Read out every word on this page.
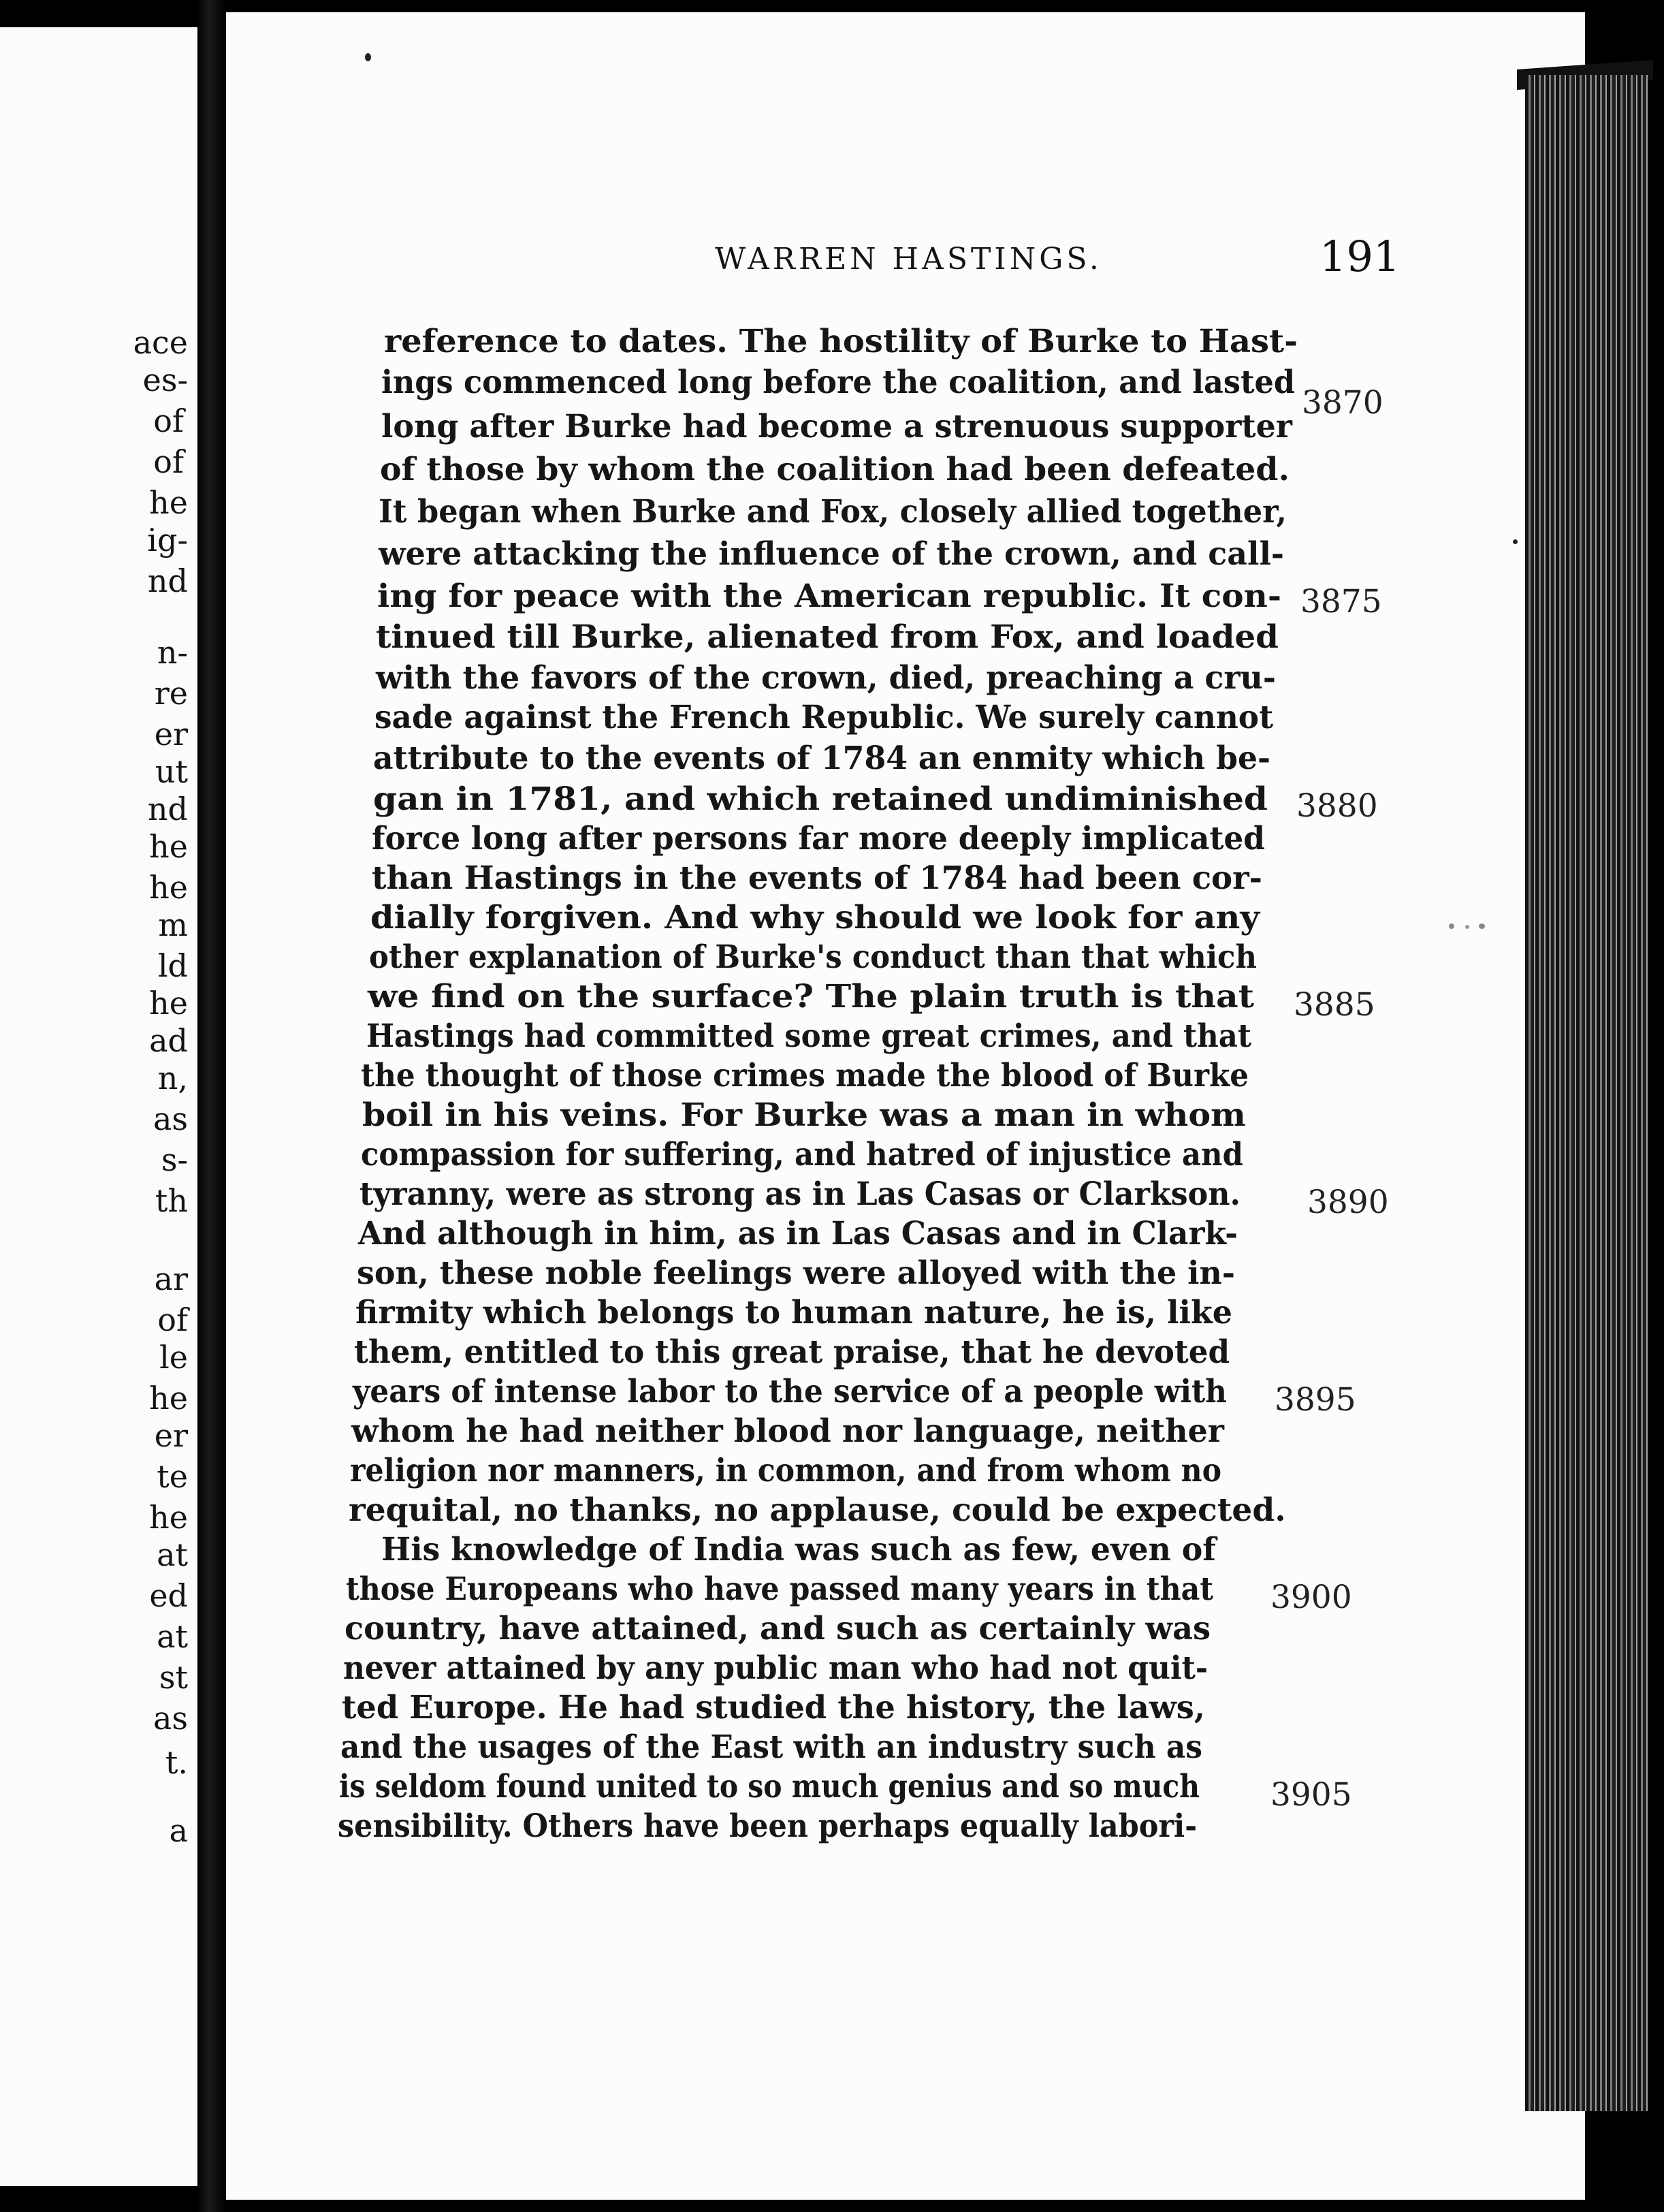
ace
es-
of
of
he
ig-
nd
n-
re
er
ut
nd
he
he
m
ld
he
ad
n,
as
s-
th
ar
of
le
he
er
te
he
at
ed
at
st
as
t.
a
WARREN HASTINGS.	191
reference to dates. The hostility of Burke to Hast-
ings commenced long before the coalition, and lasted
3870
long after Burke had become a strenuous supporter
of those by whom the coalition had been defeated.
It began when Burke and Fox, closely allied together,
were attacking the influence of the crown, and call-
ing for peace with the American republic. It con- 3875
tinued till Burke, alienated from Fox, and loaded
with the favors of the crown, died, preaching a cru-
sade against the French Republic. We surely cannot
attribute to the events of 1784 an enmity which be-
gan in 1781, and which retained undiminished 3880
force long after persons far more deeply implicated
than Hastings in the events of 1784 had been cor-
dially forgiven. And why should we look for any
other explanation of Burke's conduct than that which
we find on the surface? The plain truth is that 3885
Hastings had committed some great crimes, and that
the thought of those crimes made the blood of Burke
boil in his veins. For Burke was a man in whom
compassion for suffering, and hatred of injustice and
tyranny, were as strong as in Las Casas or Clarkson. 3890
And although in him, as in Las Casas and in Clark-
son, these noble feelings were alloyed with the in-
firmity which belongs to human nature, he is, like
them, entitled to this great praise, that he devoted
years of intense labor to the service of a people with 3895
whom he had neither blood nor language, neither
religion nor manners, in common, and from whom no
requital, no thanks, no applause, could be expected.
His knowledge of India was such as few, even of
those Europeans who have passed many years in that 3900
country, have attained, and such as certainly was
never attained by any public man who had not quit-
ted Europe. He had studied the history, the laws,
and the usages of the East with an industry such as
is seldom found united to so much genius and so much 3905
sensibility. Others have been perhaps equally labori-
